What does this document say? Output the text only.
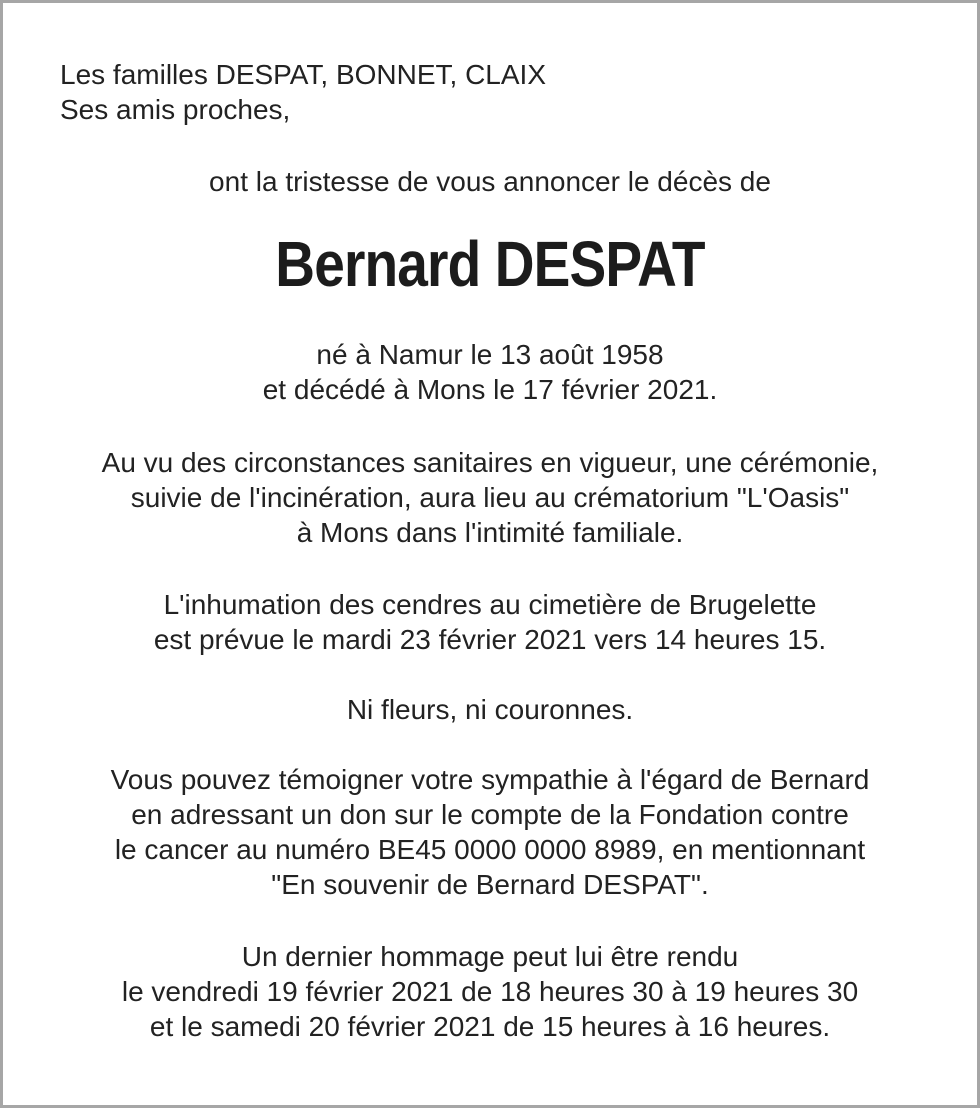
Les familles DESPAT, BONNET, CLAIX
Ses amis proches,

ont la tristesse de vous annoncer le décès de

Bernard DESPAT

né à Namur le 13 août 1958
et décédé à Mons le 17 février 2021.
Au vu des circonstances sanitaires en vigueur, une cérémonie,
suivie de l'incinération, aura lieu au crématorium "L'Oasis"
à Mons dans l'intimité familiale.
L'inhumation des cendres au cimetière de Brugelette
est prévue le mardi 23 février 2021 vers 14 heures 15.

Ni fleurs, ni couronnes.

Vous pouvez témoigner votre sympathie à l'égard de Bernard
en adressant un don sur le compte de la Fondation contre
le cancer au numéro BE45 0000 0000 8989, en mentionnant
"En souvenir de Bernard DESPAT".
Un dernier hommage peut lui être rendu
le vendredi 19 février 2021 de 18 heures 30 à 19 heures 30
et le samedi 20 février 2021 de 15 heures à 16 heures.
